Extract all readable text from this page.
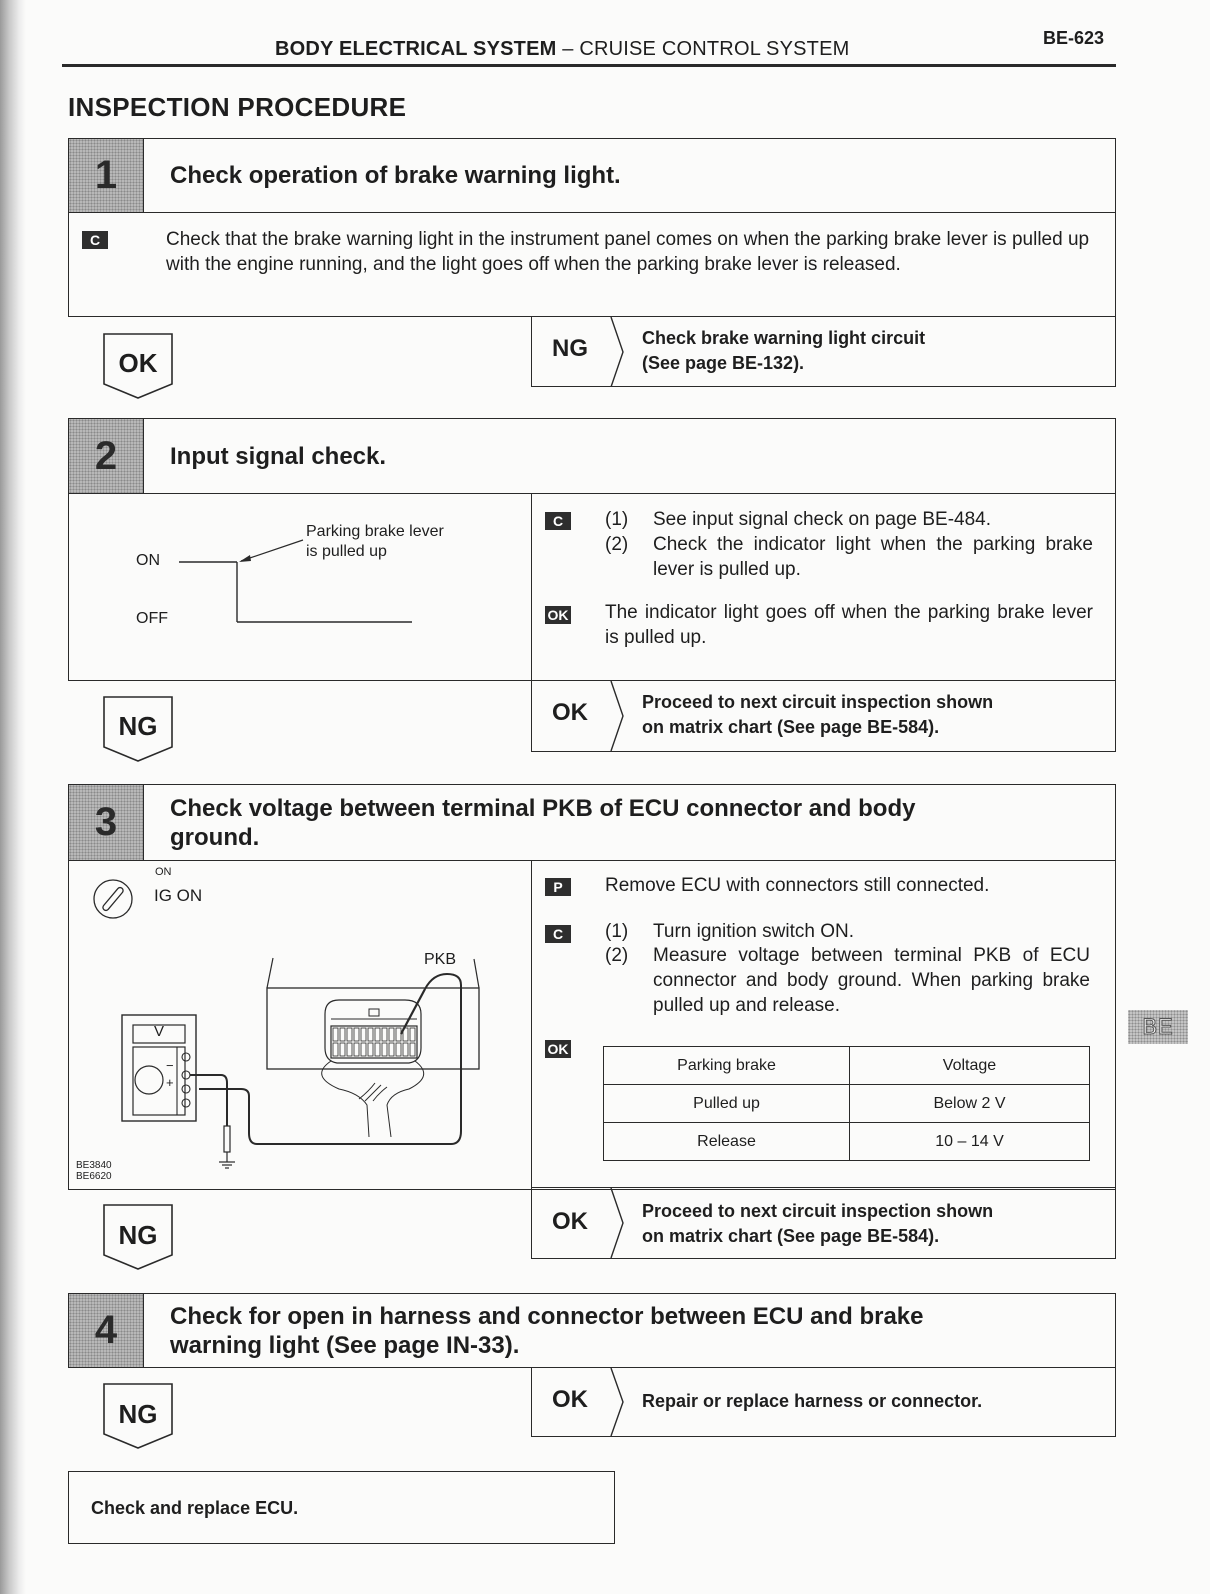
BODY ELECTRICAL SYSTEM – CRUISE CONTROL SYSTEM	BE-623
INSPECTION PROCEDURE
1	Check operation of brake warning light.
C	Check that the brake warning light in the instrument panel comes on when the parking brake lever is pulled up with the engine running, and the light goes off when the parking brake lever is released.
OK	NG	Check brake warning light circuit
(See page BE-132).
2	Input signal check.
ON
OFF
Parking brake lever
is pulled up
C	(1)	See input signal check on page BE-484.
(2)	Check the indicator light when the parking brake lever is pulled up.
OK The indicator light goes off when the parking brake lever is pulled up.
NG	OK	Proceed to next circuit inspection shown
on matrix chart (See page BE-584).
3	Check voltage between terminal PKB of ECU connector and body
ground.
ON
IG ON
V
−
+
PKB
BE3840
BE6620
P	Remove ECU with connectors still connected.
C	(1)	Turn ignition switch ON.
(2)	Measure voltage between terminal PKB of ECU connector and body ground. When parking brake pulled up and release.
OK
Parking brake	Voltage
Pulled up	Below 2 V
Release	10 – 14 V
NG	OK	Proceed to next circuit inspection shown
on matrix chart (See page BE-584).
4	Check for open in harness and connector between ECU and brake
warning light (See page IN-33).
NG	OK	Repair or replace harness or connector.
Check and replace ECU.
BE
